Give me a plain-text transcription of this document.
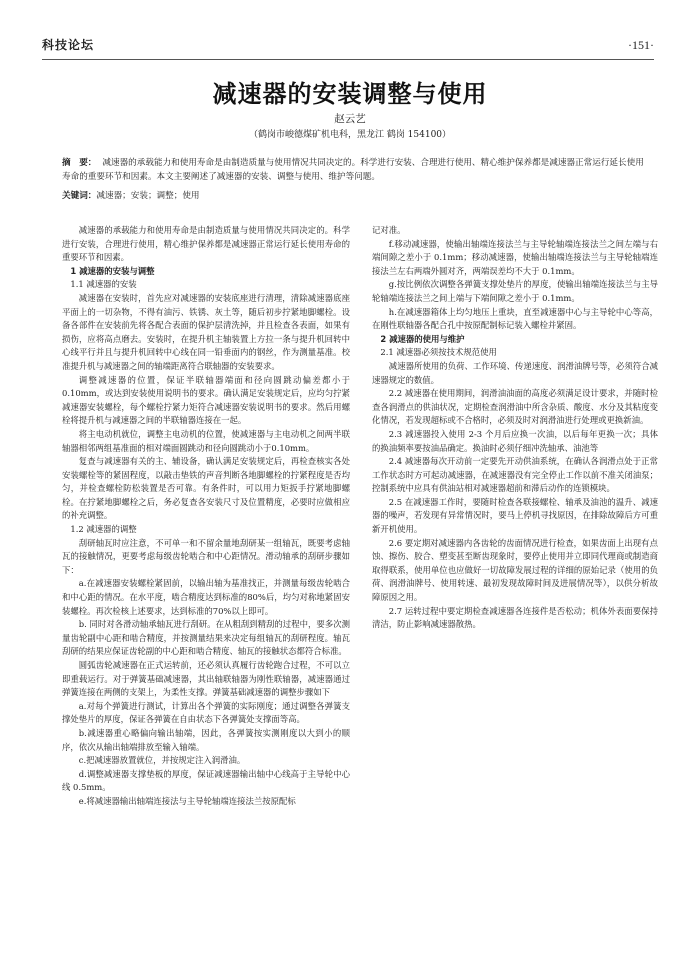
科技论坛	·151·
减速器的安装调整与使用
赵云艺
（鹤岗市峻德煤矿机电科，黑龙江 鹤岗 154100）
摘　要： 减速器的承载能力和使用寿命是由制造质量与使用情况共同决定的。科学进行安装、合理进行使用、精心维护保养都是减速器正常运行延长使用寿命的重要环节和因素。本文主要阐述了减速器的安装、调整与使用、维护等问题。
关键词：减速器；安装；调整；使用

减速器的承载能力和使用寿命是由制造质量与使用情况共同决定的。科学进行安装，合理进行使用，精心维护保养都是减速器正常运行延长使用寿命的重要环节和因素。

1 减速器的安装与调整

1.1 减速器的安装

减速器在安装时，首先应对减速器的安装底座进行清理，清除减速器底座平面上的一切杂物，不得有油污、铁锈、灰土等，随后初步拧紧地脚螺栓。设备各部件在安装前先将各配合表面的保护层清洗掉，并且检查各表面，如果有损伤，应将高点磨去。安装时，在提升机主轴装置上方拉一条与提升机回转中心线平行并且与提升机回转中心线在同一铅垂面内的钢丝，作为测量基准。校准提升机与减速器之间的轴端距离符合联轴器的安装要求。

调整减速器的位置，保证半联轴器端面和径向圆跳动偏差都小于0.10mm，或达到安装使用说明书的要求。确认满足安装规定后，应均匀拧紧减速器安装螺栓，每个螺栓拧紧力矩符合减速器安装说明书的要求。然后用螺栓将提升机与减速器之间的半联轴器连接在一起。

将主电动机就位，调整主电动机的位置，使减速器与主电动机之间两半联轴器相邻两组基准面的相对端面圆跳动和径向圆跳动小于0.10mm。

复查与减速器有关的主、辅设备，确认满足安装规定后，再检查核实各处安装螺栓等的紧固程度，以敲击垫铁的声音判断各地脚螺栓的拧紧程度是否均匀，并检查螺栓防松装置是否可靠。有条件时，可以用力矩扳手拧紧地脚螺栓。在拧紧地脚螺栓之后，务必复查各安装尺寸及位置精度，必要时应做相应的补充调整。

1.2 减速器的调整

刮研轴瓦时应注意，不可单一和不留余量地刮研某一组轴瓦，既要考虑轴瓦的接触情况，更要考虑每级齿轮啮合和中心距情况。滑动轴承的刮研步骤如下：

a.在减速器安装螺栓紧固前，以输出轴为基准找正，并测量每级齿轮啮合和中心距的情况。在水平度，啮合精度达到标准的80%后，均匀对称地紧固安装螺栓。再次检核上述要求，达到标准的70%以上即可。

b. 同时对各滑动轴承轴瓦进行刮研。在从粗刮到精刮的过程中，要多次测量齿轮副中心距和啮合精度，并按测量结果来决定每组轴瓦的刮研程度。轴瓦刮研的结果应保证齿轮副的中心距和啮合精度、轴瓦的接触状态都符合标准。

圆弧齿轮减速器在正式运转前，还必须认真履行齿轮跑合过程，不可以立即重载运行。对于弹簧基础减速器，其出轴联轴器为刚性联轴器，减速器通过弹簧连接在两侧的支架上，为柔性支撑。弹簧基础减速器的调整步骤如下

a.对每个弹簧进行测试，计算出各个弹簧的实际刚度；通过调整各弹簧支撑处垫片的厚度，保证各弹簧在自由状态下各弹簧处支撑面等高。

b.减速器重心略偏向输出轴端，因此，各弹簧按实测刚度以大到小的顺序，依次从输出轴端排放至输入轴端。

c.把减速器放置就位，并按规定注入润滑油。

d.调整减速器支撑垫板的厚度，保证减速器输出轴中心线高于主导轮中心线 0.5mm。

e.将减速器输出轴端连接法与主导轮轴端连接法兰按原配标

记对准。

f.移动减速器，使输出轴端连接法兰与主导轮轴端连接法兰之间左端与右端间隙之差小于 0.1mm；移动减速器，使输出轴端连接法兰与主导轮轴端连接法兰左右两端外圆对齐，两端误差均不大于 0.1mm。

g.按比例依次调整各弹簧支撑处垫片的厚度，使输出轴端连接法兰与主导轮轴端连接法兰之间上端与下端间隙之差小于 0.1mm。

h.在减速器箱体上均匀地压上重块，直至减速器中心与主导轮中心等高，在刚性联轴器各配合孔中按原配制标记装入螺栓并紧固。

2 减速器的使用与维护

2.1 减速器必须按技术规范使用

减速器所使用的负荷、工作环境、传递速度、润滑油牌号等，必须符合减速器规定的数值。

2.2 减速器在使用期间，润滑油油面的高度必须满足设计要求，并随时检查各润滑点的供油状况，定期检查润滑油中所含杂质、酸度、水分及其粘度变化情况，若发现超标或不合格时，必须及时对润滑油进行处理或更换新油。

2.3 减速器投入使用 2-3 个月后应换一次油，以后每年更换一次；具体的换油频率要按油品确定。换油时必须仔细冲洗轴承、油池等

2.4 减速器每次开动前一定要先开动供油系统，在确认各润滑点处于正常工作状态时方可起动减速器，在减速器没有完全停止工作以前不准关闭油泵；控制系统中应具有供油站相对减速器超前和滞后动作的连锁模块。

2.5 在减速器工作时，要随时检查各联接螺栓、轴承及油池的温升、减速器的噪声，若发现有异常情况时，要马上停机寻找原因，在排除故障后方可重新开机使用。

2.6 要定期对减速器内各齿轮的齿面情况进行检查，如果齿面上出现有点蚀、擦伤、胶合、塑变甚至断齿现象时，要停止使用并立即同代理商或制造商取得联系，使用单位也应做好一切故障发展过程的详细的原始记录（使用的负荷、润滑油牌号、使用转速、最初发现故障时间及进展情况等），以供分析故障原因之用。

2.7 运转过程中要定期检查减速器各连接件是否松动；机体外表面要保持清洁，防止影响减速器散热。
